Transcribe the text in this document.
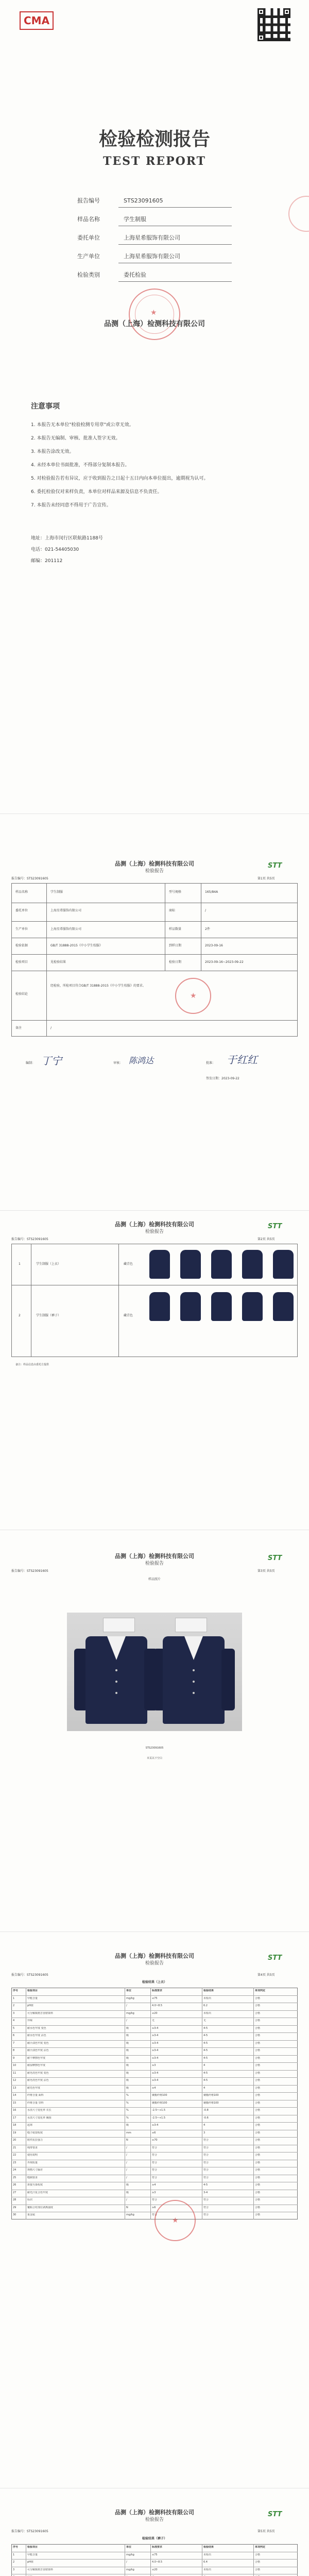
CMA
检验检测报告
TEST REPORT
报告编号	STS23091605
样品名称	学生制服
委托单位	上海星希服饰有限公司
生产单位	上海星希服饰有限公司
检验类别	委托检验
★
品测（上海）检测科技有限公司
注意事项
1. 本报告无本单位"检验检测专用章"或公章无效。
2. 本报告无编制、审核、批准人签字无效。
3. 本报告涂改无效。
4. 未经本单位书面批准，不得部分复制本报告。
5. 对检验报告若有异议，应于收到报告之日起十五日内向本单位提出，逾期视为认可。
6. 委托检验仅对来样负责，本单位对样品来源及信息不负责任。
7. 本报告未经同意不得用于广告宣传。
地址：上海市闵行区联航路1188号
电话：021-54405030
邮编：201112
品测（上海）检测科技有限公司
检验报告
STT
报告编号：STS23091605	第1页 共5页
样品名称	学生制服	型号规格	165/84A
委托单位	上海星希服饰有限公司	商标	/
生产单位	上海星希服饰有限公司	样品数量	2件
检验依据	GB/T 31888-2015《中小学生校服》	到样日期	2023-09-16
检验项目	见检验结果	检验日期	2023-09-16~2023-09-22
检验结论
经检验，所检项目符合GB/T 31888-2015《中小学生校服》的要求。
★
备注	/
编制： 丁宁	审核： 陈鸿达	批准： 于红红
签发日期：2023-09-22
品测（上海）检测科技有限公司
检验报告
STT
报告编号：STS23091605	第2页 共5页
1	学生制服（上衣）	藏青色
2	学生制服（裤子）	藏青色
备注：样品信息由委托方提供
品测（上海）检测科技有限公司
检验报告
STT
报告编号：STS23091605	第3页 共5页
样品照片
STS23091605
本页以下空白
品测（上海）检测科技有限公司
检验报告
STT
报告编号：STS23091605	第4页 共5页
检验结果（上衣）
序号	检验项目	单位	标准要求	检验结果	单项判定
1	甲醛含量	mg/kg	≤75	未检出	合格
2	pH值	/	4.0~8.5	6.2	合格
3	可分解致癌芳香胺染料	mg/kg	≤20	未检出	合格
4	异味	/	无	无	合格
5	耐水色牢度 变色	级	≥3-4	4-5	合格
6	耐水色牢度 沾色	级	≥3-4	4-5	合格
7	耐汗渍色牢度 变色	级	≥3-4	4-5	合格
8	耐汗渍色牢度 沾色	级	≥3-4	4-5	合格
9	耐干摩擦色牢度	级	≥3-4	4-5	合格
10	耐湿摩擦色牢度	级	≥3	4	合格
11	耐皂洗色牢度 变色	级	≥3-4	4-5	合格
12	耐皂洗色牢度 沾色	级	≥3-4	4-5	合格
13	耐光色牢度	级	≥4	4	合格
14	纤维含量 面料	%	聚酯纤维100	聚酯纤维100	合格
15	纤维含量 里料	%	聚酯纤维100	聚酯纤维100	合格
16	水洗尺寸变化率 衣长	%	-2.5~+1.5	-0.8	合格
17	水洗尺寸变化率 胸围	%	-2.5~+1.5	-0.6	合格
18	起球	级	≥3-4	4	合格
19	缝子纰裂程度	mm	≤6	3	合格
20	附件抗拉强力	N	≥70	符合	合格
21	绳带要求	/	符合	符合	合格
22	使用说明	/	符合	符合	合格
23	外观质量	/	符合	符合	合格
24	规格尺寸偏差	/	符合	符合	合格
25	缝制要求	/	符合	符合	合格
26	拼接互染程度	级	≥4	4-5	合格
27	耐光汗复合色牢度	级	≥3	3-4	合格
28	标识	/	符合	符合	合格
29	覆粘合衬部位剥离强度	N	≥6	符合	合格
30	重金属	mg/kg	符合	符合	合格
★
品测（上海）检测科技有限公司
检验报告
STT
报告编号：STS23091605	第5页 共5页
检验结果（裤子）
序号	检验项目	单位	标准要求	检验结果	单项判定
1	甲醛含量	mg/kg	≤75	未检出	合格
2	pH值	/	4.0~8.5	6.4	合格
3	可分解致癌芳香胺染料	mg/kg	≤20	未检出	合格
